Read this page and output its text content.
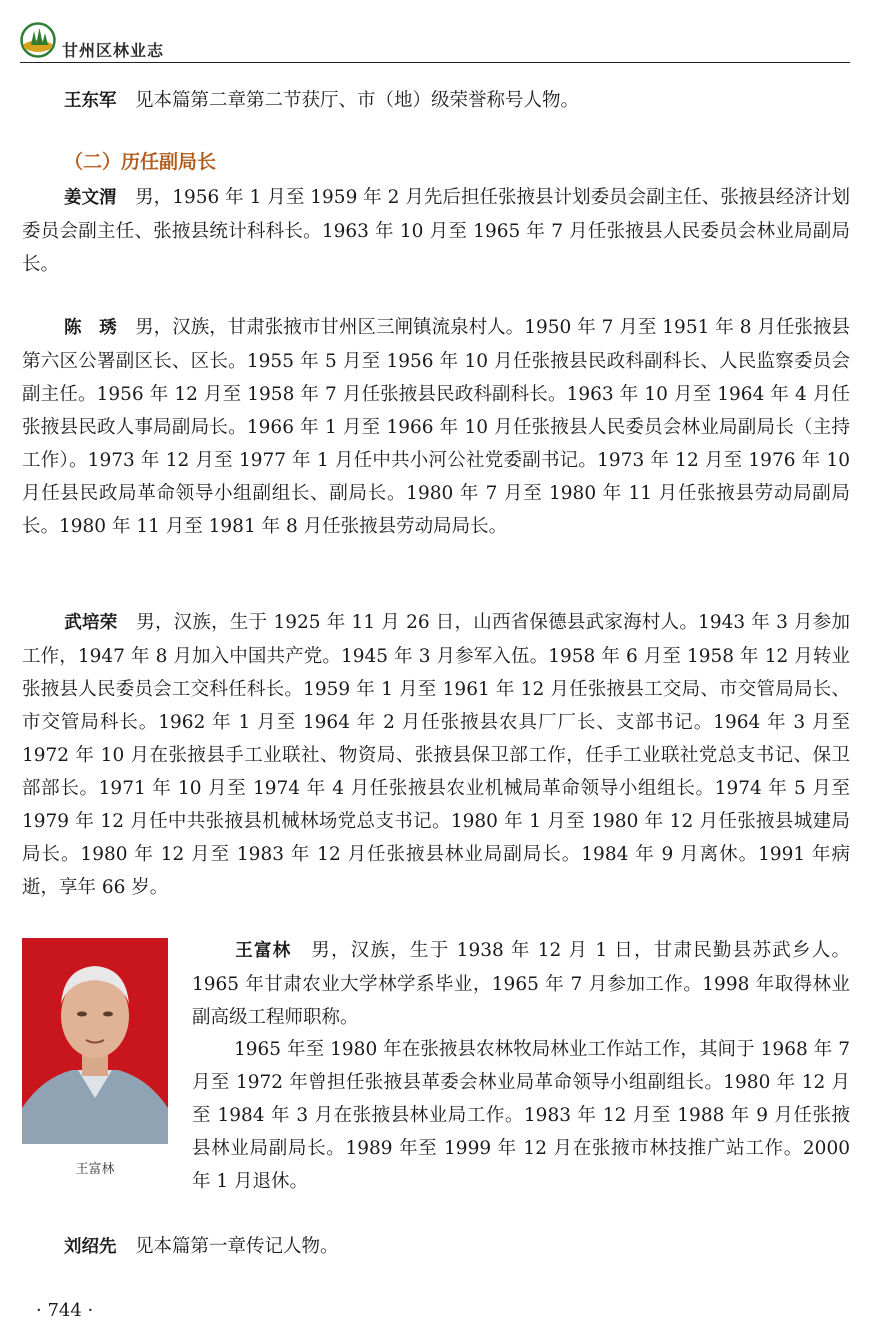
甘州区林业志

王东军　 见本篇第二章第二节获厅、市（地）级荣誉称号人物。

（二）历任副局长

姜文渭　 男，1956 年 1 月至 1959 年 2 月先后担任张掖县计划委员会副主任、张掖县经济计划委员会副主任、张掖县统计科科长。1963 年 10 月至 1965 年 7 月任张掖县人民委员会林业局副局长。

陈　琇　 男，汉族，甘肃张掖市甘州区三闸镇流泉村人。1950 年 7 月至 1951 年 8 月任张掖县第六区公署副区长、区长。1955 年 5 月至 1956 年 10 月任张掖县民政科副科长、人民监察委员会副主任。1956 年 12 月至 1958 年 7 月任张掖县民政科副科长。1963 年 10 月至 1964 年 4 月任张掖县民政人事局副局长。1966 年 1 月至 1966 年 10 月任张掖县人民委员会林业局副局长（主持工作）。1973 年 12 月至 1977 年 1 月任中共小河公社党委副书记。1973 年 12 月至 1976 年 10 月任县民政局革命领导小组副组长、副局长。1980 年 7 月至 1980 年 11 月任张掖县劳动局副局长。1980 年 11 月至 1981 年 8 月任张掖县劳动局局长。

武培荣　 男，汉族，生于 1925 年 11 月 26 日，山西省保德县武家海村人。1943 年 3 月参加工作，1947 年 8 月加入中国共产党。1945 年 3 月参军入伍。1958 年 6 月至 1958 年 12 月转业张掖县人民委员会工交科任科长。1959 年 1 月至 1961 年 12 月任张掖县工交局、市交管局局长、市交管局科长。1962 年 1 月至 1964 年 2 月任张掖县农具厂厂长、支部书记。1964 年 3 月至 1972 年 10 月在张掖县手工业联社、物资局、张掖县保卫部工作，任手工业联社党总支书记、保卫部部长。1971 年 10 月至 1974 年 4 月任张掖县农业机械局革命领导小组组长。1974 年 5 月至 1979 年 12 月任中共张掖县机械林场党总支书记。1980 年 1 月至 1980 年 12 月任张掖县城建局局长。1980 年 12 月至 1983 年 12 月任张掖县林业局副局长。1984 年 9 月离休。1991 年病逝，享年 66 岁。

王富林

王富林　 男，汉族，生于 1938 年 12 月 1 日，甘肃民勤县苏武乡人。1965 年甘肃农业大学林学系毕业，1965 年 7 月参加工作。1998 年取得林业副高级工程师职称。

1965 年至 1980 年在张掖县农林牧局林业工作站工作，其间于 1968 年 7 月至 1972 年曾担任张掖县革委会林业局革命领导小组副组长。1980 年 12 月至 1984 年 3 月在张掖县林业局工作。1983 年 12 月至 1988 年 9 月任张掖县林业局副局长。1989 年至 1999 年 12 月在张掖市林技推广站工作。2000 年 1 月退休。

刘绍先　 见本篇第一章传记人物。

· 744 ·
